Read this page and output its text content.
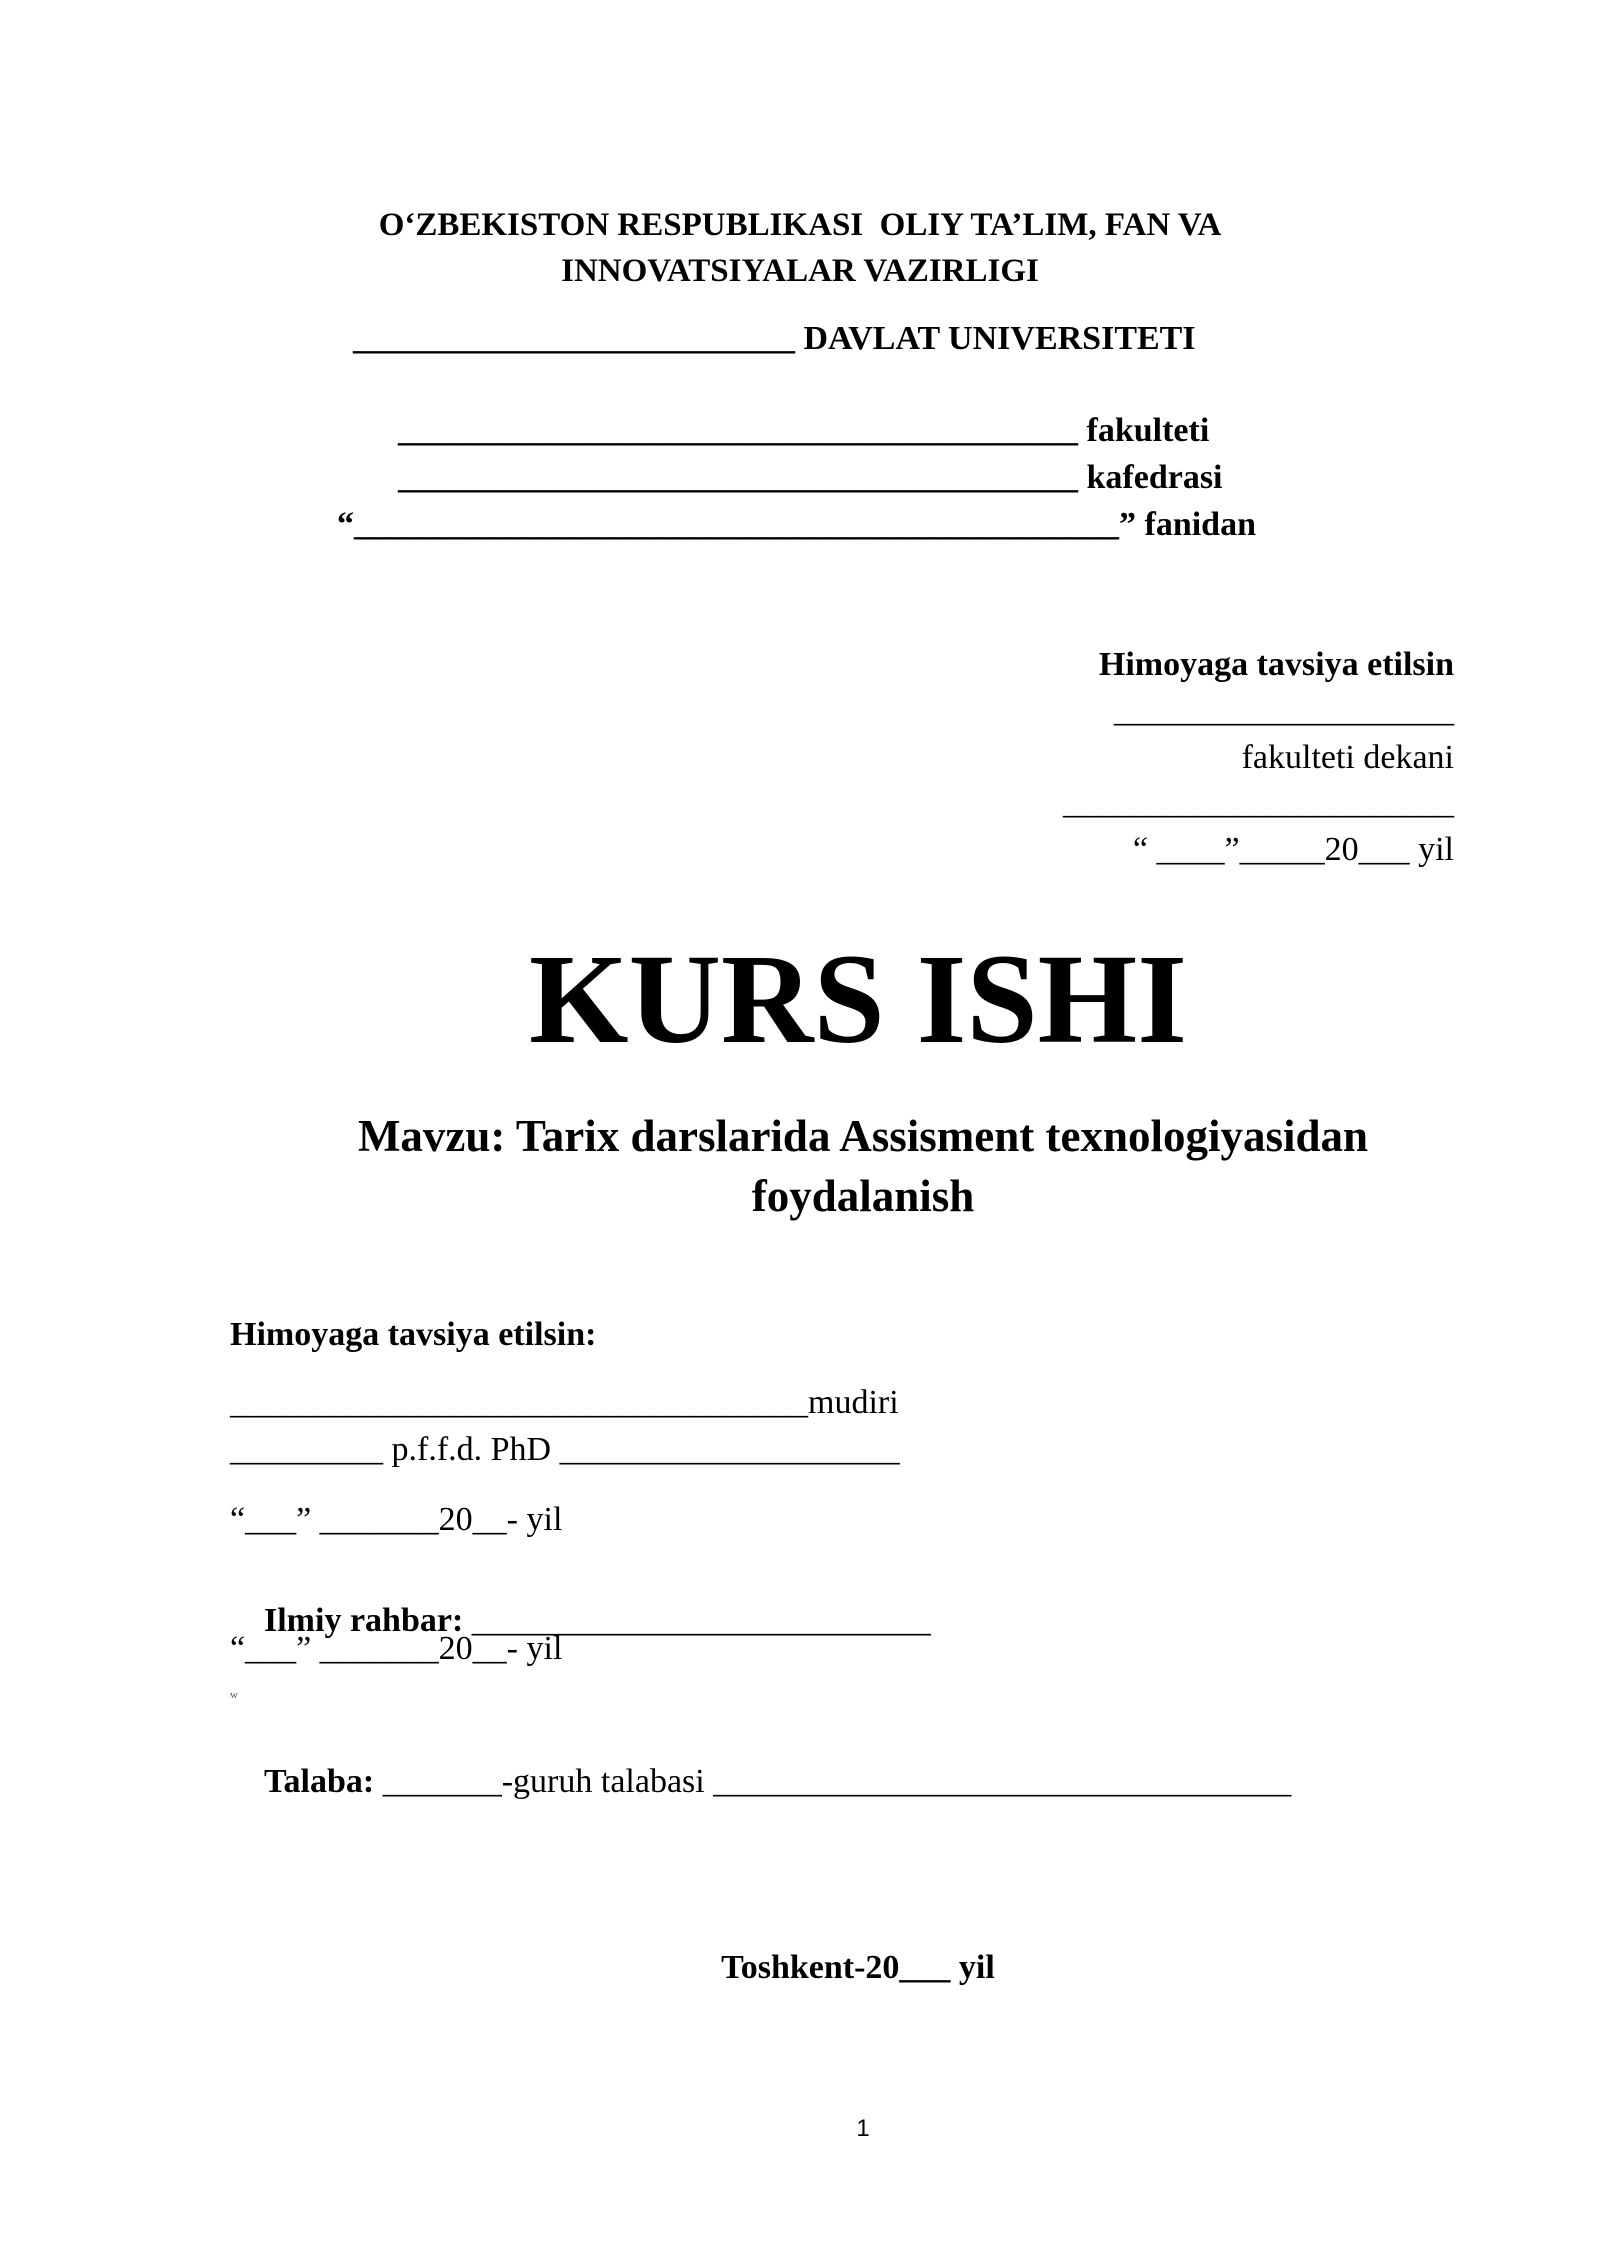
O‘ZBEKISTON RESPUBLIKASI  OLIY TA’LIM, FAN VA
INNOVATSIYALAR VAZIRLIGI
__________________________ DAVLAT UNIVERSITETI
________________________________________ fakulteti
________________________________________ kafedrasi
“_____________________________________________” fanidan
Himoyaga tavsiya etilsin
____________________
fakulteti dekani
_______________________
“ ____”_____20___ yil
KURS ISHI
Mavzu: Tarix darslarida Assisment texnologiyasidan
foydalanish
Himoyaga tavsiya etilsin:
__________________________________mudiri
_________ p.f.f.d. PhD ____________________
“___” _______20__- yil

Ilmiy rahbar: ___________________________

“___” _______20__- yil
w

Talaba: _______-guruh talabasi __________________________________

Toshkent-20___ yil
1
